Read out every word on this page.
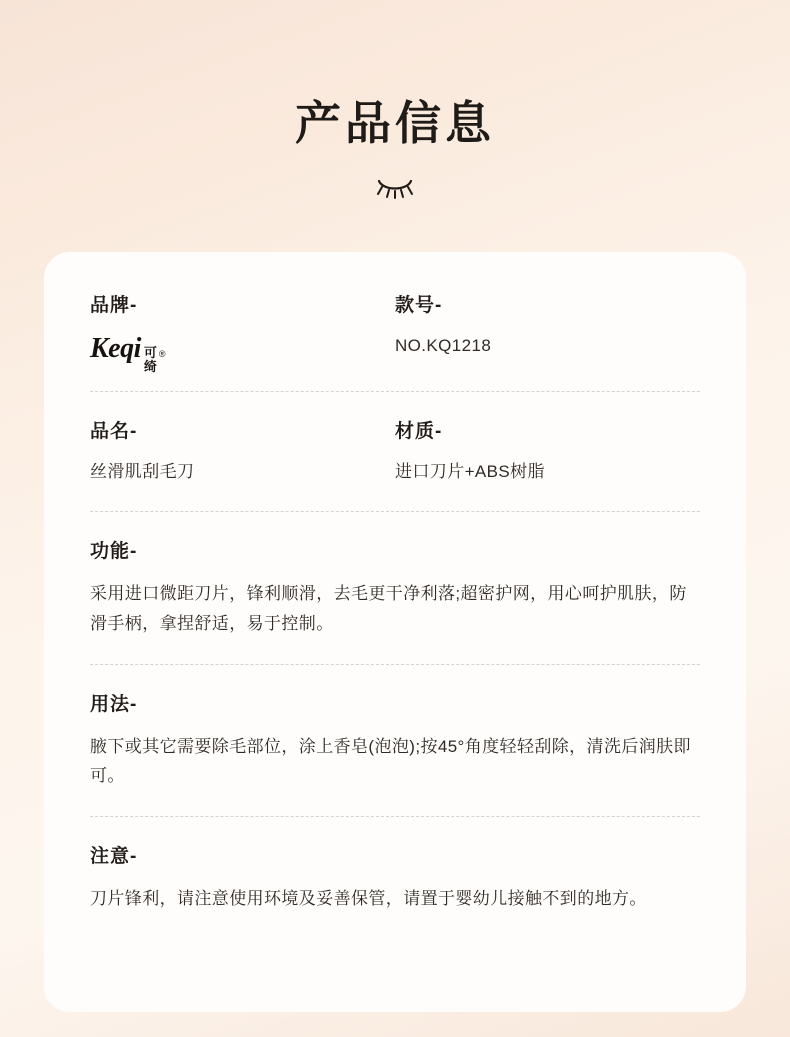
产品信息
品牌-
Keqi 可
绮
®
款号-
NO.KQ1218
品名-
丝滑肌刮毛刀
材质-
进口刀片+ABS树脂
功能-
采用进口微距刀片，锋利顺滑，去毛更干净利落;超密护网，用心呵护肌肤，防滑手柄，拿捏舒适，易于控制。
用法-
腋下或其它需要除毛部位，涂上香皂(泡泡);按45°角度轻轻刮除，清洗后润肤即可。
注意-
刀片锋利，请注意使用环境及妥善保管，请置于婴幼儿接触不到的地方。
